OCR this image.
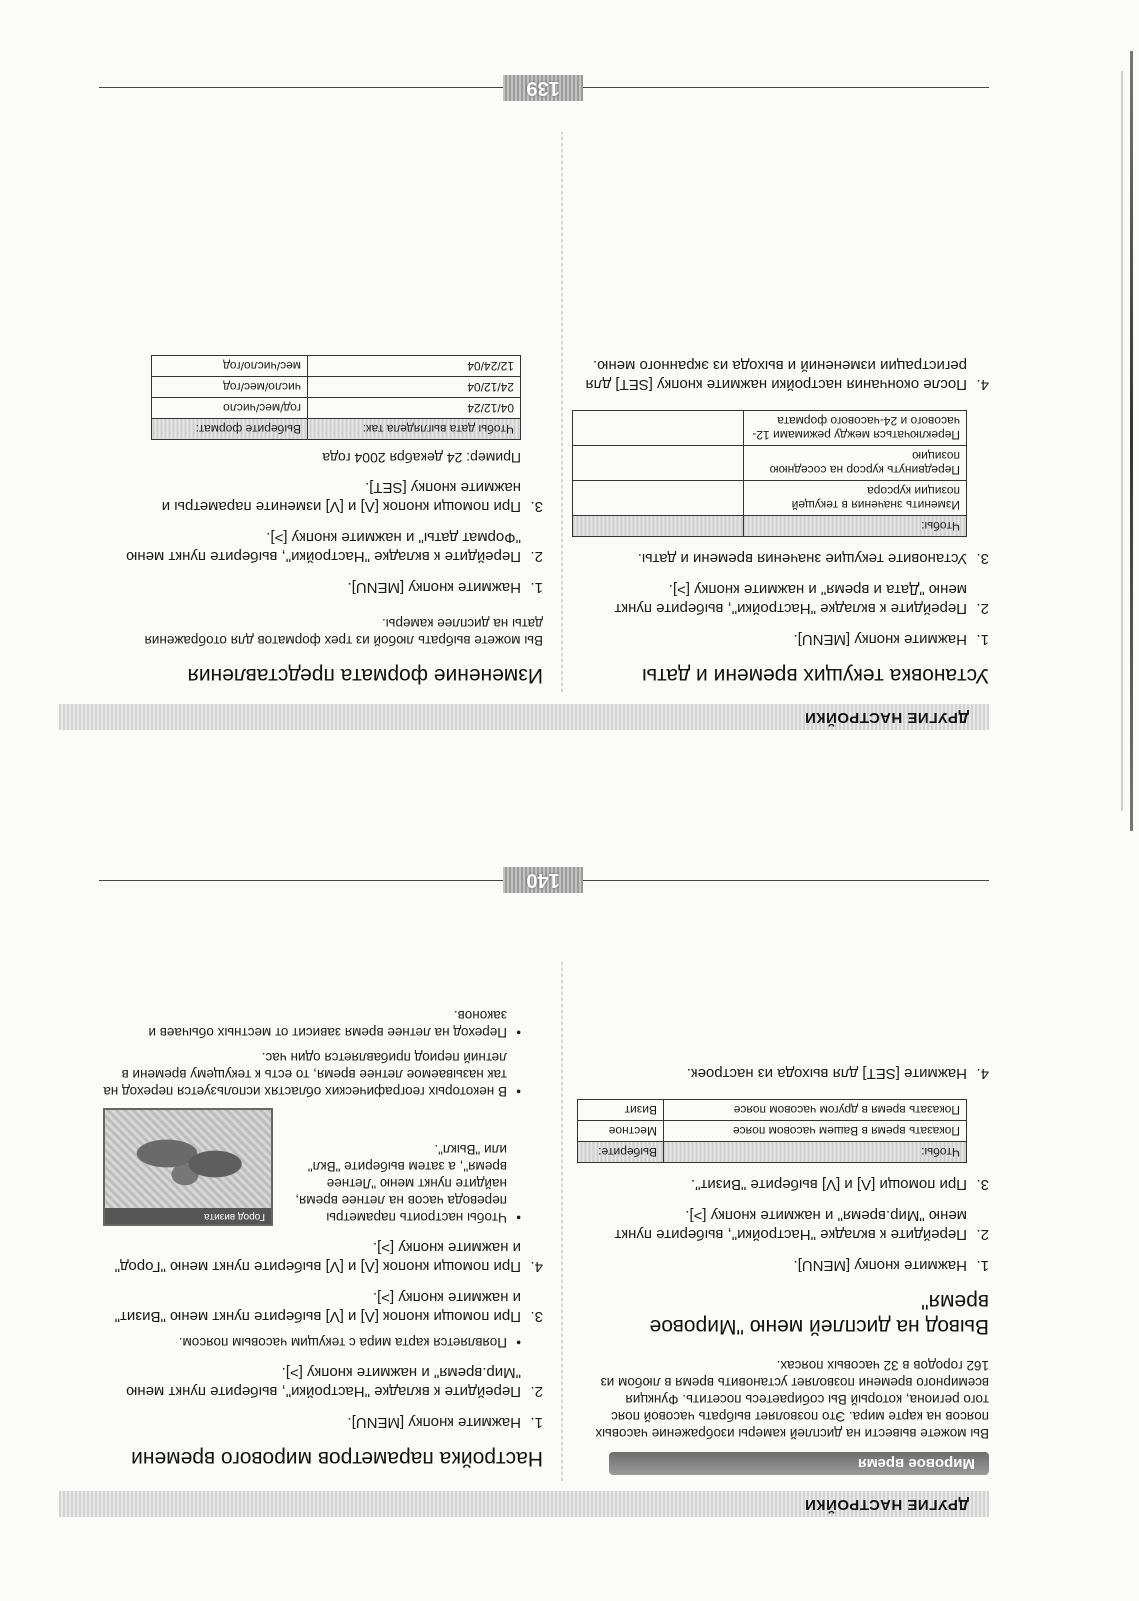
ДРУГИЕ НАСТРОЙКИ
Мировое время

Вы можете вывести на дисплей камеры изображение часовых поясов на карте мира. Это позволяет выбрать часовой пояс того региона, который Вы собираетесь посетить. Функция всемирного времени позволяет установить время в любом из 162 городов в 32 часовых поясах.

Вывод на дисплей меню "Мировое время"
1.
Нажмите кнопку [MENU].
2.
Перейдите к вкладке "Настройки", выберите пункт меню "Мир.время" и нажмите кнопку [>].
3.
При помощи [Λ] и [V] выберите "Визит".
Чтобы:	Выберите:
Показать время в Вашем часовом поясе	Местное
Показать время в другом часовом поясе	Визит
4.
Нажмите [SET] для выхода из настроек.
Настройка параметров мирового времени
1.
Нажмите кнопку [MENU].
2.
Перейдите к вкладке "Настройки", выберите пункт меню "Мир.время" и нажмите кнопку [>].
•
Появляется карта мира с текущим часовым поясом.
3.
При помощи кнопок [Λ] и [V] выберите пункт меню "Визит" и нажмите кнопку [>].
4.
При помощи кнопок [Λ] и [V] выберите пункт меню "Город" и нажмите кнопку [>].
Город визита	•
Чтобы настроить параметры перевода часов на летнее время, найдите пункт меню "Летнее время", а затем выберите "Вкл" или "Выкл".
•
В некоторых географических областях используется переход на так называемое летнее время, то есть к текущему времени в летний период прибавляется один час.
•
Переход на летнее время зависит от местных обычаев и законов.
140
ДРУГИЕ НАСТРОЙКИ
Установка текущих времени и даты
1.
Нажмите кнопку [MENU].
2.
Перейдите к вкладке "Настройки", выберите пункт меню "Дата и время" и нажмите кнопку [>].
3.
Установите текущие значения времени и даты.
Чтобы:	
Изменить значения в текущей позиции курсора	
Передвинуть курсор на соседнюю позицию	
Переключаться между режимами 12-часового и 24-часового формата	
4.
После окончания настройки нажмите кнопку [SET] для регистрации изменений и выхода из экранного меню.
Изменение формата представления

Вы можете выбрать любой из трех форматов для отображения даты на дисплее камеры.

1.
Нажмите кнопку [MENU].
2.
Перейдите к вкладке "Настройки", выберите пункт меню "Формат даты" и нажмите кнопку [>].
3.
При помощи кнопок [Λ] и [V] измените параметры и нажмите кнопку [SET].
Пример: 24 декабря 2004 года
Чтобы дата выглядела так:	Выберите формат:
04/12/24	год/мес/число
24/12/04	число/мес/год
12/24/04	мес/число/год
139
